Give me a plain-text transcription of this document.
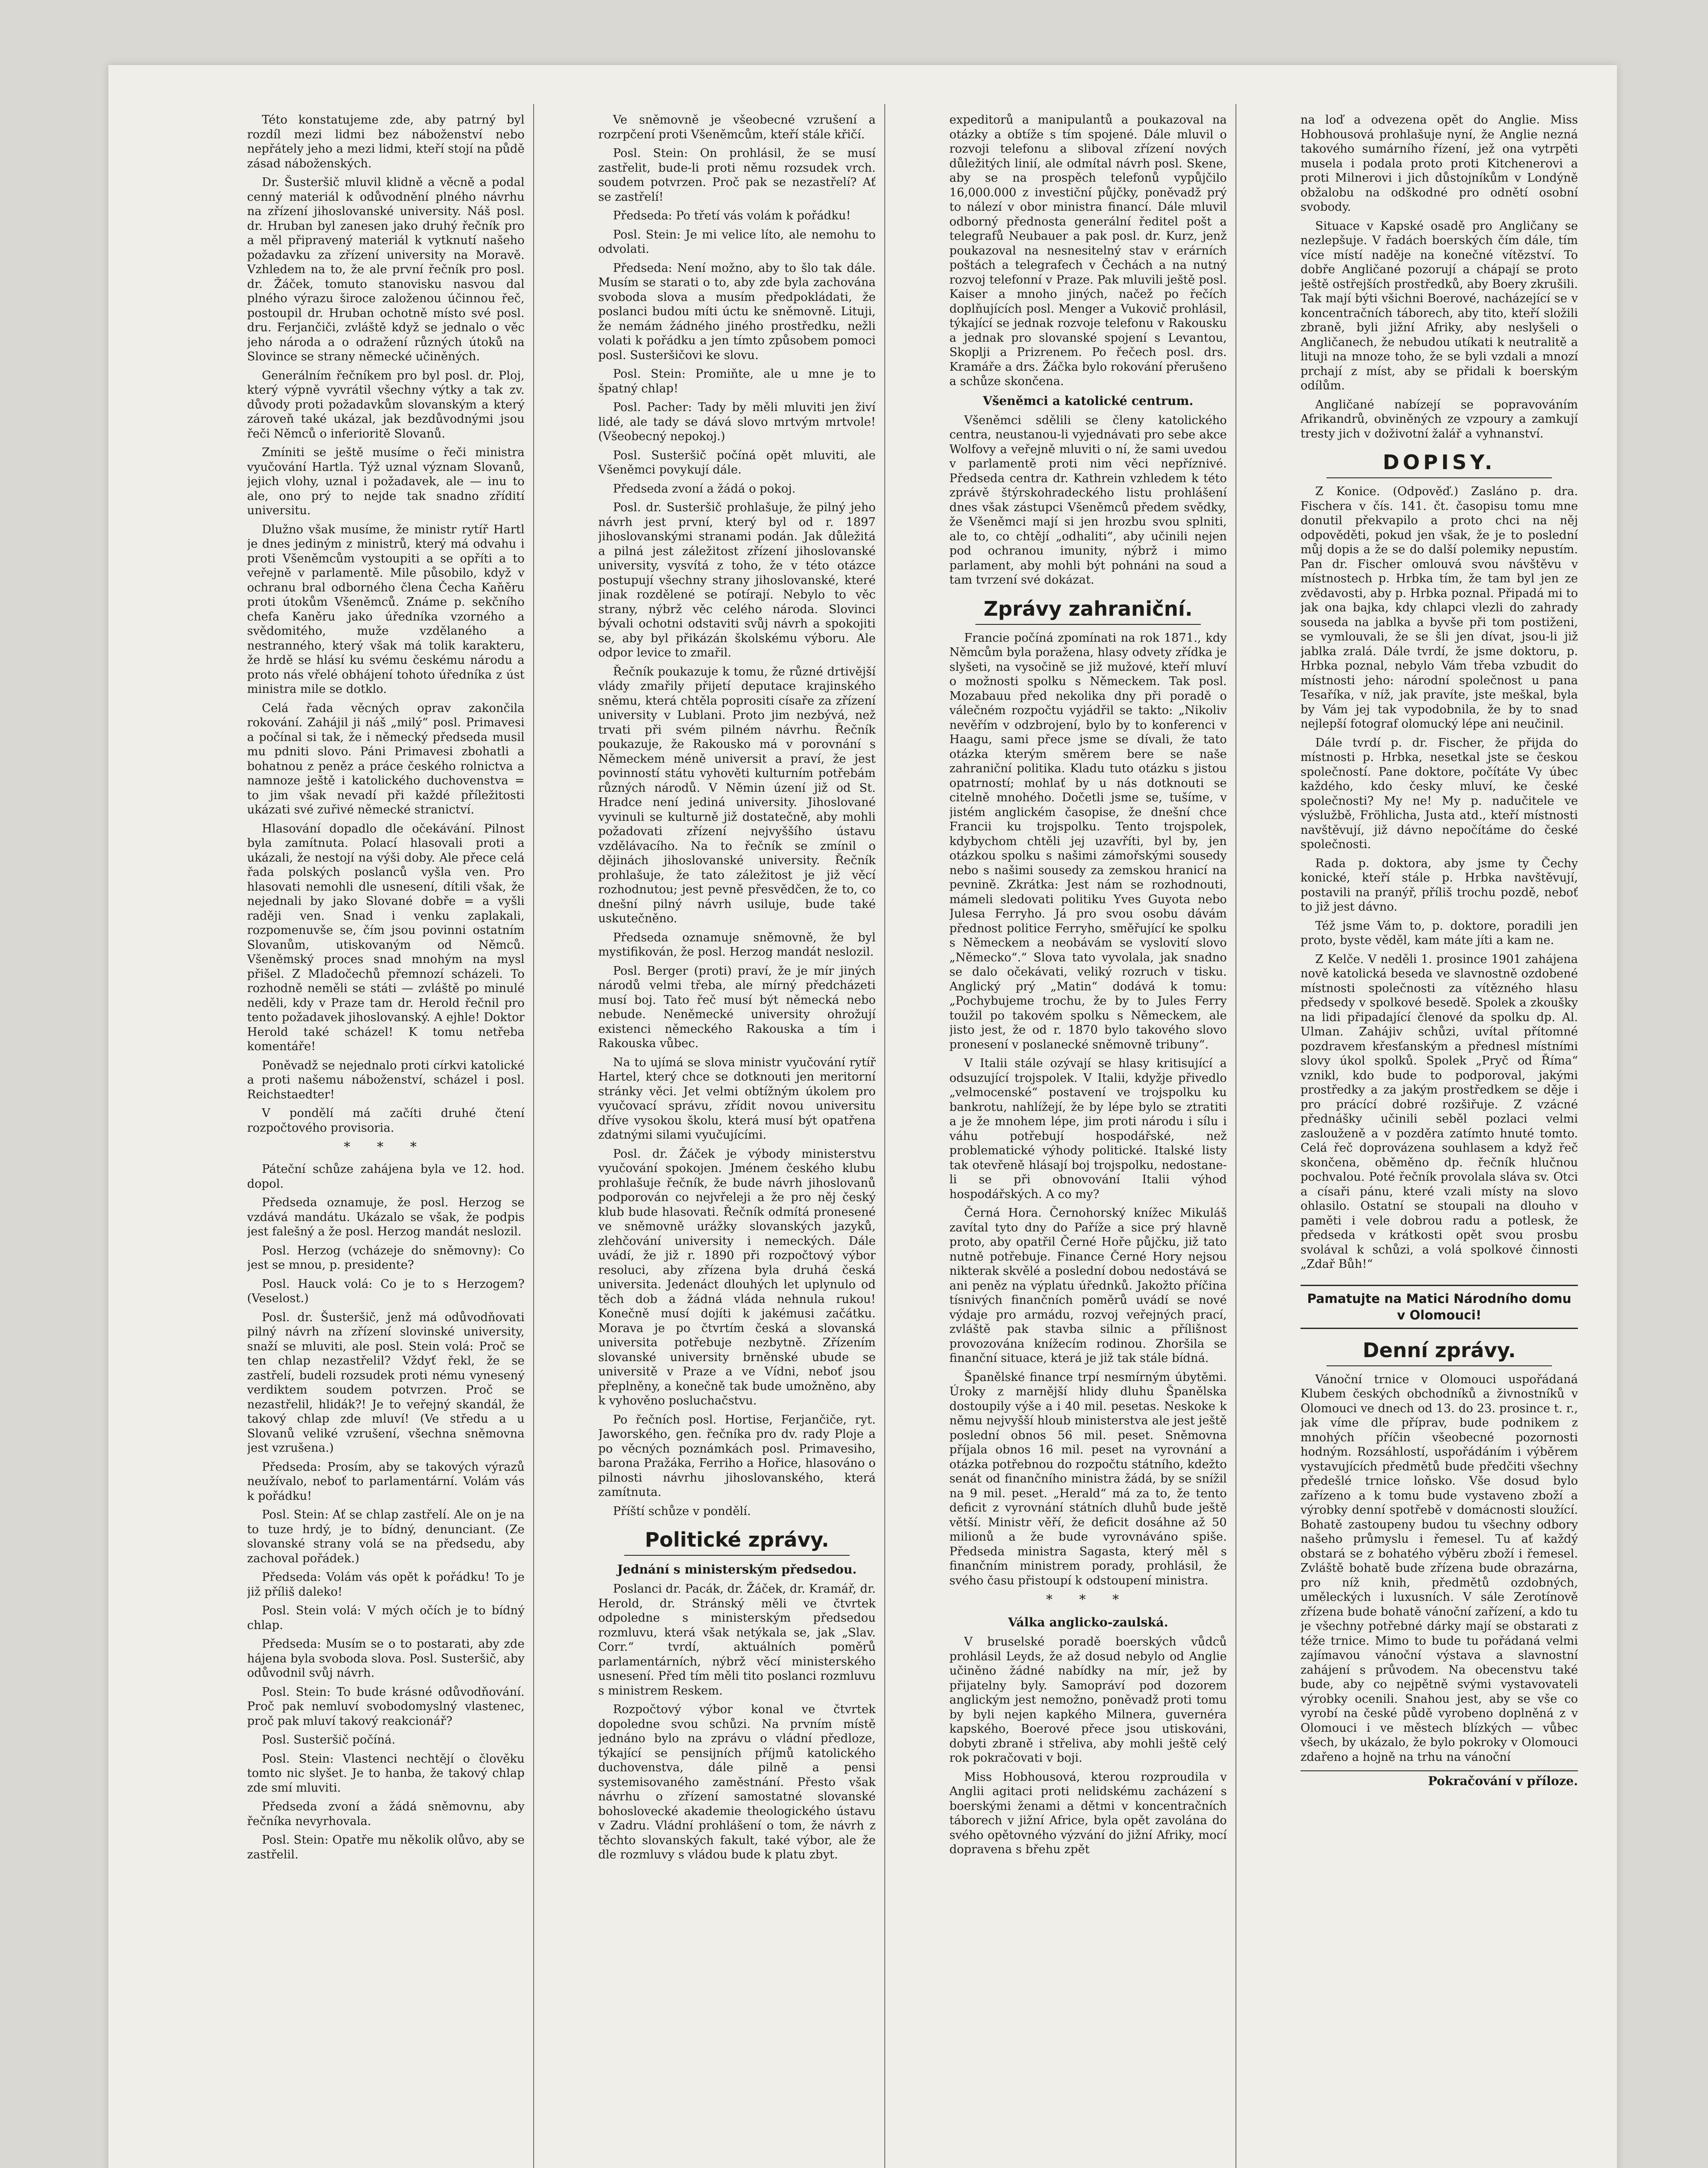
Této konstatujeme zde, aby patrný byl rozdíl mezi lidmi bez náboženství nebo nepřátely jeho a mezi lidmi, kteří stojí na půdě zásad náboženských.

Dr. Šusteršič mluvil klidně a věcně a podal cenný materiál k odůvodnění plného návrhu na zřízení jihoslovanské university. Náš posl. dr. Hruban byl zanesen jako druhý řečník pro a měl připravený materiál k vytknutí našeho požadavku za zřízení university na Moravě. Vzhledem na to, že ale první řečník pro posl. dr. Žáček, tomuto stanovisku nasvou dal plného výrazu široce založenou účinnou řeč, postoupil dr. Hruban ochotně místo své posl. dru. Ferjančiči, zvláště když se jednalo o věc jeho národa a o odražení různých útoků na Slovince se strany německé učiněných.

Generálním řečníkem pro byl posl. dr. Ploj, který výpně vyvrátil všechny výtky a tak zv. důvody proti požadavkům slovanským a který zároveň také ukázal, jak bezdůvodnými jsou řeči Němců o inferioritě Slovanů.

Zmíniti se ještě musíme o řeči ministra vyučování Hartla. Týž uznal význam Slovanů, jejich vlohy, uznal i požadavek, ale — inu to ale, ono prý to nejde tak snadno zřídití universitu.

Dlužno však musíme, že ministr rytíř Hartl je dnes jediným z ministrů, který má odvahu i proti Všeněmcům vystoupiti a se opříti a to veřejně v parlamentě. Mile působilo, když v ochranu bral odborného člena Čecha Kaňěru proti útokům Všeněmců. Známe p. sekčního chefa Kaněru jako úředníka vzorného a svědomitého, muže vzdělaného a nestranného, který však má tolik karakteru, že hrdě se hlásí ku svému českému národu a proto nás vřelé obhájení tohoto úředníka z úst ministra mile se dotklo.

Celá řada věcných oprav zakončila rokování. Zahájil ji náš „milý“ posl. Primavesi a počínal si tak, že i německý předseda musil mu pdniti slovo. Páni Primavesi zbohatli a bohatnou z peněz a práce českého rolnictva a namnoze ještě i katolického duchovenstva = to jim však nevadí při každé příležitosti ukázati své zuřivé německé stranictví.

Hlasování dopadlo dle očekávání. Pilnost byla zamítnuta. Polací hlasovali proti a ukázali, že nestojí na výši doby. Ale přece celá řada polských poslanců vyšla ven. Pro hlasovati nemohli dle usnesení, dítili však, že nejednali by jako Slované dobře = a vyšli raději ven. Snad i venku zaplakali, rozpomenuvše se, čím jsou povinni ostatním Slovanům, utiskovaným od Němců. Všeněmský proces snad mnohým na mysl přišel. Z Mladočechů přemnozí scházeli. To rozhodně neměli se státi — zvláště po minulé neděli, kdy v Praze tam dr. Herold řečnil pro tento požadavek jihoslovanský. A ejhle! Doktor Herold také scházel! K tomu netřeba komentáře!

Poněvadž se nejednalo proti církvi katolické a proti našemu náboženství, scházel i posl. Reichstaedter!

V pondělí má začíti druhé čtení rozpočtového provisoria.

* * *

Páteční schůze zahájena byla ve 12. hod. dopol.

Předseda oznamuje, že posl. Herzog se vzdává mandátu. Ukázalo se však, že podpis jest falešný a že posl. Herzog mandát neslozil.

Posl. Herzog (vcházeje do sněmovny): Co jest se mnou, p. presidente?

Posl. Hauck volá: Co je to s Herzogem? (Veselost.)

Posl. dr. Šusteršič, jenž má odůvodňovati pilný návrh na zřízení slovinské university, snaží se mluviti, ale posl. Stein volá: Proč se ten chlap nezastřelil? Vždyť řekl, že se zastřelí, budeli rozsudek proti nému vynesený verdiktem soudem potvrzen. Proč se nezastřelil, hlidák?! Je to veřejný skandál, že takový chlap zde mluví! (Ve středu a u Slovanů veliké vzrušení, všechna sněmovna jest vzrušena.)

Předseda: Prosím, aby se takových výrazů neužívalo, neboť to parlamentární. Volám vás k pořádku!

Posl. Stein: Ať se chlap zastřelí. Ale on je na to tuze hrdý, je to bídný, denunciant. (Ze slovanské strany volá se na předsedu, aby zachoval pořádek.)

Předseda: Volám vás opět k pořádku! To je již příliš daleko!

Posl. Stein volá: V mých očích je to bídný chlap.

Předseda: Musím se o to postarati, aby zde hájena byla svoboda slova. Posl. Susteršič, aby odůvodnil svůj návrh.

Posl. Stein: To bude krásné odůvodňování. Proč pak nemluví svobodomyslný vlastenec, proč pak mluví takový reakcionář?

Posl. Susteršič počíná.

Posl. Stein: Vlastenci nechtějí o člověku tomto nic slyšet. Je to hanba, že takový chlap zde smí mluviti.

Předseda zvoní a žádá sněmovnu, aby řečníka nevyrhovala.

Posl. Stein: Opatře mu několik olůvo, aby se zastřelil.

Ve sněmovně je všeobecné vzrušení a rozrpčení proti Všeněmcům, kteří stále křičí.

Posl. Stein: On prohlásil, že se musí zastřelit, bude-li proti němu rozsudek vrch. soudem potvrzen. Proč pak se nezastřelí? Ať se zastřelí!

Předseda: Po třetí vás volám k pořádku!

Posl. Stein: Je mi velice líto, ale nemohu to odvolati.

Předseda: Není možno, aby to šlo tak dále. Musím se starati o to, aby zde byla zachována svoboda slova a musím předpokládati, že poslanci budou míti úctu ke sněmovně. Lituji, že nemám žádného jiného prostředku, nežli volati k pořádku a jen tímto způsobem pomoci posl. Susteršičovi ke slovu.

Posl. Stein: Promiňte, ale u mne je to špatný chlap!

Posl. Pacher: Tady by měli mluviti jen živí lidé, ale tady se dává slovo mrtvým mrtvole! (Všeobecný nepokoj.)

Posl. Susteršič počíná opět mluviti, ale Všeněmci povykují dále.

Předseda zvoní a žádá o pokoj.

Posl. dr. Susteršič prohlašuje, že pilný jeho návrh jest první, který byl od r. 1897 jihoslovanskými stranami podán. Jak důležitá a pilná jest záležitost zřízení jihoslovanské university, vysvítá z toho, že v této otázce postupují všechny strany jihoslovanské, které jinak rozdělené se potírají. Nebylo to věc strany, nýbrž věc celého národa. Slovinci bývali ochotni odstaviti svůj návrh a spokojiti se, aby byl přikázán školskému výboru. Ale odpor levice to zmařil.

Řečník poukazuje k tomu, že různé drtivější vlády zmařily přijetí deputace krajinského sněmu, která chtěla poprositi císaře za zřízení university v Lublani. Proto jim nezbývá, než trvati při svém pilném návrhu. Řečník poukazuje, že Rakousko má v porovnání s Německem méně universit a praví, že jest povinností státu vyhověti kulturním potřebám různých národů. V Němin úzení již od St. Hradce není jediná university. Jihoslované vyvinuli se kulturně již dostatečně, aby mohli požadovati zřízení nejvyššího ústavu vzdělávacího. Na to řečník se zmínil o dějinách jihoslovanské university. Řečník prohlašuje, že tato záležitost je již věcí rozhodnutou; jest pevně přesvědčen, že to, co dnešní pilný návrh usiluje, bude také uskutečněno.

Předseda oznamuje sněmovně, že byl mystifikován, že posl. Herzog mandát neslozil.

Posl. Berger (proti) praví, že je mír jiných národů velmi třeba, ale mírný předcházeti musí boj. Tato řeč musí být německá nebo nebude. Neněmecké university ohrožují existenci německého Rakouska a tím i Rakouska vůbec.

Na to ujímá se slova ministr vyučování rytíř Hartel, který chce se dotknouti jen meritorní stránky věci. Jet velmi obtížným úkolem pro vyučovací správu, zřídit novou universitu dříve vysokou školu, která musí být opatřena zdatnými silami vyučujícími.

Posl. dr. Žáček je výbody ministerstvu vyučování spokojen. Jménem českého klubu prohlašuje řečník, že bude návrh jihoslovanů podporován co nejvřeleji a že pro něj český klub bude hlasovati. Řečník odmítá pronesené ve sněmovně urážky slovanských jazyků, zlehčování university i nemeckých. Dále uvádí, že již r. 1890 při rozpočtový výbor resoluci, aby zřízena byla druhá česká universita. Jedenáct dlouhých let uplynulo od těch dob a žádná vláda nehnula rukou! Konečně musí dojíti k jakémusi začátku. Morava je po čtvrtím česká a slovanská universita potřebuje nezbytně. Zřízením slovanské university brněnské ubude se universitě v Praze a ve Vídni, neboť jsou přeplněny, a konečně tak bude umožněno, aby k vyhověno posluchačstvu.

Po řečních posl. Hortise, Ferjančiče, ryt. Jaworského, gen. řečníka pro dv. rady Ploje a po věcných poznámkách posl. Primavesiho, barona Pražáka, Ferriho a Hořice, hlasováno o pilnosti návrhu jihoslovanského, která zamítnuta.

Příští schůze v pondělí.

Politické zprávy.
Jednání s ministerským předsedou.

Poslanci dr. Pacák, dr. Žáček, dr. Kramář, dr. Herold, dr. Stránský měli ve čtvrtek odpoledne s ministerským předsedou rozmluvu, která však netýkala se, jak „Slav. Corr.“ tvrdí, aktuálních poměrů parlamentárních, nýbrž věcí ministerského usnesení. Před tím měli tito poslanci rozmluvu s ministrem Reskem.

Rozpočtový výbor konal ve čtvrtek dopoledne svou schůzi. Na prvním místě jednáno bylo na zprávu o vládní předloze, týkající se pensijních příjmů katolického duchovenstva, dále pilně a pensi systemisovaného zaměstnání. Přesto však návrhu o zřízení samostatné slovanské bohoslovecké akademie theologického ústavu v Zadru. Vládní prohlášení o tom, že návrh z těchto slovanských fakult, také výbor, ale že dle rozmluvy s vládou bude k platu zbyt.

expeditorů a manipulantů a poukazoval na otázky a obtíže s tím spojené. Dále mluvil o rozvoji telefonu a sliboval zřízení nových důležitých linií, ale odmítal návrh posl. Skene, aby se na prospěch telefonů vypůjčilo 16,000.000 z investiční půjčky, poněvadž prý to nálezí v obor ministra financí. Dále mluvil odborný přednosta generální ředitel pošt a telegrafů Neubauer a pak posl. dr. Kurz, jenž poukazoval na nesnesitelný stav v erárních poštách a telegrafech v Čechách a na nutný rozvoj telefonní v Praze. Pak mluvili ještě posl. Kaiser a mnoho jiných, načež po řečích doplňujících posl. Menger a Vukovič prohlásil, týkající se jednak rozvoje telefonu v Rakousku a jednak pro slovanské spojení s Levantou, Skoplji a Prizrenem. Po řečech posl. drs. Kramáře a drs. Žáčka bylo rokování přerušeno a schůze skončena.

Všeněmci a katolické centrum.

Všeněmci sdělili se členy katolického centra, neustanou-li vyjednávati pro sebe akce Wolfovy a veřejně mluviti o ní, že sami uvedou v parlamentě proti nim věci nepříznivé. Předseda centra dr. Kathrein vzhledem k této zprávě štýrskohradeckého listu prohlášení dnes však zástupci Všeněmců předem svědky, že Všeněmci mají si jen hrozbu svou splniti, ale to, co chtějí „odhaliti“, aby učinili nejen pod ochranou imunity, nýbrž i mimo parlament, aby mohli být pohnáni na soud a tam tvrzení své dokázat.

Zprávy zahraniční.

Francie počíná zpomínati na rok 1871., kdy Němcům byla poražena, hlasy odvety zřídka je slyšeti, na vysočině se již mužové, kteří mluví o možnosti spolku s Německem. Tak posl. Mozabauu před nekolika dny při poradě o válečném rozpočtu vyjádřil se takto: „Nikoliv nevěřím v odzbrojení, bylo by to konferenci v Haagu, sami přece jsme se dívali, že tato otázka kterým směrem bere se naše zahraniční politika. Kladu tuto otázku s jistou opatrností; mohlať by u nás dotknouti se citelně mnohého. Dočetli jsme se, tušíme, v jistém anglickém časopise, že dnešní chce Francii ku trojspolku. Tento trojspolek, kdybychom chtěli jej uzavříti, byl by, jen otázkou spolku s našimi zámořskými sousedy nebo s našimi sousedy za zemskou hranicí na pevnině. Zkrátka: Jest nám se rozhodnouti, mámeli sledovati politiku Yves Guyota nebo Julesa Ferryho. Já pro svou osobu dávám přednost politice Ferryho, směřující ke spolku s Německem a neobávám se vyslovití slovo „Německo“.“ Slova tato vyvolala, jak snadno se dalo očekávati, veliký rozruch v tisku. Anglický prý „Matin“ dodává k tomu: „Pochybujeme trochu, že by to Jules Ferry toužil po takovém spolku s Německem, ale jisto jest, že od r. 1870 bylo takového slovo pronesení v poslanecké sněmovně tribuny“.

V Italii stále ozývají se hlasy kritisující a odsuzující trojspolek. V Italii, kdyžje přivedlo „velmocenské“ postavení ve trojspolku ku bankrotu, nahlížejí, že by lépe bylo se ztratiti a je že mnohem lépe, jim proti národu i sílu i váhu potřebují hospodářské, než problematické výhody politické. Italské listy tak otevřeně hlásají boj trojspolku, nedostane-li se při obnovování Italii výhod hospodářských. A co my?

Černá Hora. Černohorský knížec Mikuláš zavítal tyto dny do Paříže a sice prý hlavně proto, aby opatřil Černé Hoře půjčku, již tato nutně potřebuje. Finance Černé Hory nejsou nikterak skvělé a poslední dobou nedostává se ani peněz na výplatu úřednků. Jakožto příčina tísnivých finančních poměrů uvádí se nové výdaje pro armádu, rozvoj veřejných prací, zvláště pak stavba silnic a přílišnost provozována knížecím rodinou. Zhoršila se finanční situace, která je již tak stále bídná.

Španělské finance trpí nesmírným úbytěmi. Úroky z marnější hlidy dluhu Španělska dostoupily výše a i 40 mil. pesetas. Neskoke k němu nejvyšší hloub ministerstva ale jest ještě poslední obnos 56 mil. peset. Sněmovna příjala obnos 16 mil. peset na vyrovnání a otázka potřebnou do rozpočtu státního, kdežto senát od finančního ministra žádá, by se snížil na 9 mil. peset. „Herald“ má za to, že tento deficit z vyrovnání státních dluhů bude ještě větší. Ministr věří, že deficit dosáhne až 50 milionů a že bude vyrovnáváno spiše. Předseda ministra Sagasta, který měl s finančním ministrem porady, prohlásil, že svého času přistoupí k odstoupení ministra.

* * *
Válka anglicko-zaulská.

V bruselské poradě boerských vůdců prohlásil Leyds, že až dosud nebylo od Anglie učiněno žádné nabídky na mír, jež by přijatelny byly. Samopráví pod dozorem anglickým jest nemožno, poněvadž proti tomu by byli nejen kapkého Milnera, guvernéra kapského, Boerové přece jsou utiskováni, dobyti zbraně i střeliva, aby mohli ještě celý rok pokračovati v boji.

Miss Hobhousová, kterou rozproudila v Anglii agitaci proti nelidskému zacházení s boerskými ženami a dětmi v koncentračních táborech v jižní Africe, byla opět zavolána do svého opětovného výzvání do jižní Afriky, mocí dopravena s břehu zpět

na loď a odvezena opět do Anglie. Miss Hobhousová prohlašuje nyní, že Anglie nezná takového sumárního řízení, jež ona vytrpěti musela i podala proto proti Kitchenerovi a proti Milnerovi i jich důstojníkům v Londýně obžalobu na odškodné pro odnětí osobní svobody.

Situace v Kapské osadě pro Angličany se nezlepšuje. V řadách boerských čím dále, tím více místí naděje na konečné vítězství. To dobře Angličané pozorují a chápají se proto ještě ostřejších prostředků, aby Boery zkrušili. Tak mají býti všichni Boerové, nacházející se v koncentračních táborech, aby tito, kteří složili zbraně, byli jižní Afriky, aby neslyšeli o Angličanech, že nebudou utíkati k neutralitě a lituji na mnoze toho, že se byli vzdali a mnozí prchají z míst, aby se přidali k boerským odílům.

Angličané nabízejí se popravováním Afrikandrů, obviněných ze vzpoury a zamkují tresty jich v doživotní žalář a vyhnanství.

DOPISY.

Z Konice. (Odpověď.) Zasláno p. dra. Fischera v čís. 141. čt. časopisu tomu mne donutil překvapilo a proto chci na něj odpověděti, pokud jen však, že je to poslední můj dopis a že se do další polemiky nepustím. Pan dr. Fischer omlouvá svou návštěvu v místnostech p. Hrbka tím, že tam byl jen ze zvědavosti, aby p. Hrbka poznal. Připadá mi to jak ona bajka, kdy chlapci vlezli do zahrady souseda na jablka a byvše při tom postiženi, se vymlouvali, že se šli jen dívat, jsou-li již jablka zralá. Dále tvrdí, že jsme doktoru, p. Hrbka poznal, nebylo Vám třeba vzbudit do místnosti jeho: národní společnost u pana Tesaříka, v níž, jak pravíte, jste meškal, byla by Vám jej tak vypodobnila, že by to snad nejlepší fotograf olomucký lépe ani neučinil.

Dále tvrdí p. dr. Fischer, že přijda do místnosti p. Hrbka, nesetkal jste se českou společností. Pane doktore, počítáte Vy úbec každého, kdo česky mluví, ke české společnosti? My ne! My p. nadučitele ve výslužbě, Fröhlicha, Justa atd., kteří místnosti navštěvují, již dávno nepočítáme do české společnosti.

Rada p. doktora, aby jsme ty Čechy konické, kteří stále p. Hrbka navštěvují, postavili na pranýř, příliš trochu pozdě, neboť to již jest dávno.

Též jsme Vám to, p. doktore, poradili jen proto, byste věděl, kam máte jíti a kam ne.

Z Kelče. V neděli 1. prosince 1901 zahájena nově katolická beseda ve slavnostně ozdobené místnosti společnosti za vítězného hlasu předsedy v spolkové besedě. Spolek a zkoušky na lidi připadající členové da spolku dp. Al. Ulman. Zahájiv schůzi, uvítal přítomné pozdravem křesťanským a přednesl místními slovy úkol spolků. Spolek „Pryč od Říma“ vznikl, kdo bude to podporoval, jakými prostředky a za jakým prostředkem se děje i pro prácící dobré rozšiřuje. Z vzácné přednášky učinili seběl pozlaci velmi zaslouženě a v pozděra zatímto hnuté tomto. Celá řeč doprovázena souhlasem a když řeč skončena, oběměno dp. řečník hlučnou pochvalou. Poté řečník provolala sláva sv. Otci a císaři pánu, které vzali místy na slovo ohlasilo. Ostatní se stoupali na dlouho v paměti i vele dobrou radu a potlesk, že předseda v krátkosti opět svou prosbu svolával k schůzi, a volá spolkové činnosti „Zdař Bůh!“

Pamatujte na Matici Národního domu v Olomouci!
Denní zprávy.

Vánoční trnice v Olomouci uspořádaná Klubem českých obchodníků a živnostníků v Olomouci ve dnech od 13. do 23. prosince t. r., jak víme dle příprav, bude podnikem z mnohých příčin všeobecné pozornosti hodným. Rozsáhlostí, uspořádáním i výběrem vystavujících předmětů bude předčiti všechny předešlé trnice loňsko. Vše dosud bylo zařízeno a k tomu bude vystaveno zboží a výrobky denní spotřebě v domácnosti sloužící. Bohatě zastoupeny budou tu všechny odbory našeho průmyslu i řemesel. Tu ať každý obstará se z bohatého výběru zboží i řemesel. Zvláště bohatě bude zřízena bude obrazárna, pro níž knih, předmětů ozdobných, uměleckých i luxusních. V sále Zerotínově zřízena bude bohatě vánoční zařízení, a kdo tu je všechny potřebné dárky mají se obstarati z téže trnice. Mimo to bude tu pořádaná velmi zajímavou vánoční výstava a slavnostní zahájení s průvodem. Na obecenstvu také bude, aby co nejpětně svými vystavovateli výrobky ocenili. Snahou jest, aby se vše co vyrobí na české půdě vyrobeno doplněná z v Olomouci i ve městech blízkých — vůbec všech, by ukázalo, že bylo pokroky v Olomouci zdařeno a hojně na trhu na vánoční

Pokračování v příloze.
